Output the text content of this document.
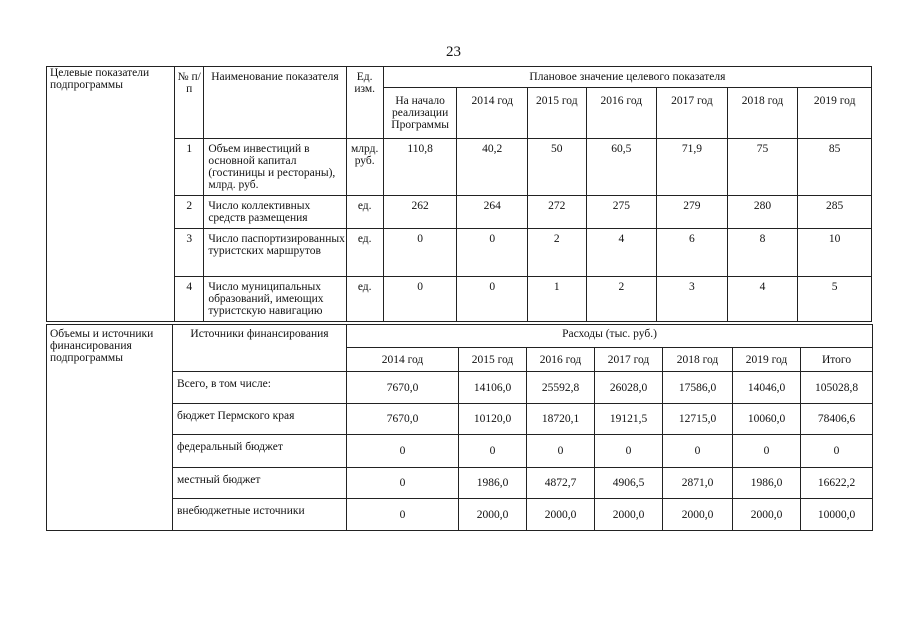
23
Целевые показатели подпрограммы	№ п/п	Наименование показателя	Ед. изм.	Плановое значение целевого показателя						
				На начало реализации Программы	2014 год	2015 год	2016 год	2017 год	2018 год	2019 год
	1	Объем инвестиций в основной капитал (гостиницы и рестораны), млрд. руб.	млрд. руб.	110,8	40,2	50	60,5	71,9	75	85
	2	Число коллективных средств размещения	ед.	262	264	272	275	279	280	285
	3	Число паспортизированных туристских маршрутов	ед.	0	0	2	4	6	8	10
	4	Число муниципальных образований, имеющих туристскую навигацию	ед.	0	0	1	2	3	4	5
Объемы и источники финансирования подпрограммы	Источники финансирования	Расходы (тыс. руб.)						
		2014 год	2015 год	2016 год	2017 год	2018 год	2019 год	Итого
	Всего, в том числе:	7670,0	14106,0	25592,8	26028,0	17586,0	14046,0	105028,8
	бюджет Пермского края	7670,0	10120,0	18720,1	19121,5	12715,0	10060,0	78406,6
	федеральный бюджет	0	0	0	0	0	0	0
	местный бюджет	0	1986,0	4872,7	4906,5	2871,0	1986,0	16622,2
	внебюджетные источники	0	2000,0	2000,0	2000,0	2000,0	2000,0	10000,0
